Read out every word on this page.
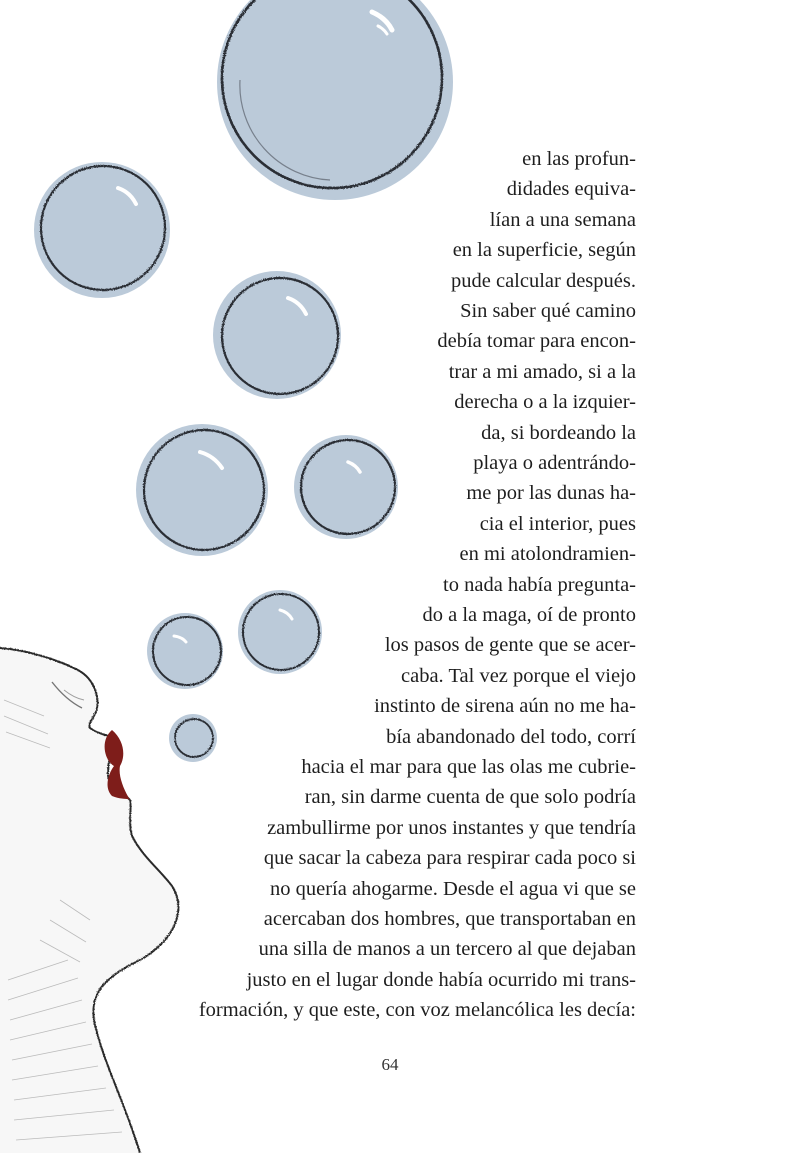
en las profun-
didades equiva-
lían a una semana
en la superficie, según
pude calcular después.
Sin saber qué camino
debía tomar para encon-
trar a mi amado, si a la
derecha o a la izquier-
da, si bordeando la
playa o adentrándo-
me por las dunas ha-
cia el interior, pues
en mi atolondramien-
to nada había pregunta-
do a la maga, oí de pronto
los pasos de gente que se acer-
caba. Tal vez porque el viejo
instinto de sirena aún no me ha-
bía abandonado del todo, corrí
hacia el mar para que las olas me cubrie-
ran, sin darme cuenta de que solo podría
zambullirme por unos instantes y que tendría
que sacar la cabeza para respirar cada poco si
no quería ahogarme. Desde el agua vi que se
acercaban dos hombres, que transportaban en
una silla de manos a un tercero al que dejaban
justo en el lugar donde había ocurrido mi trans-
formación, y que este, con voz melancólica les decía:
64
